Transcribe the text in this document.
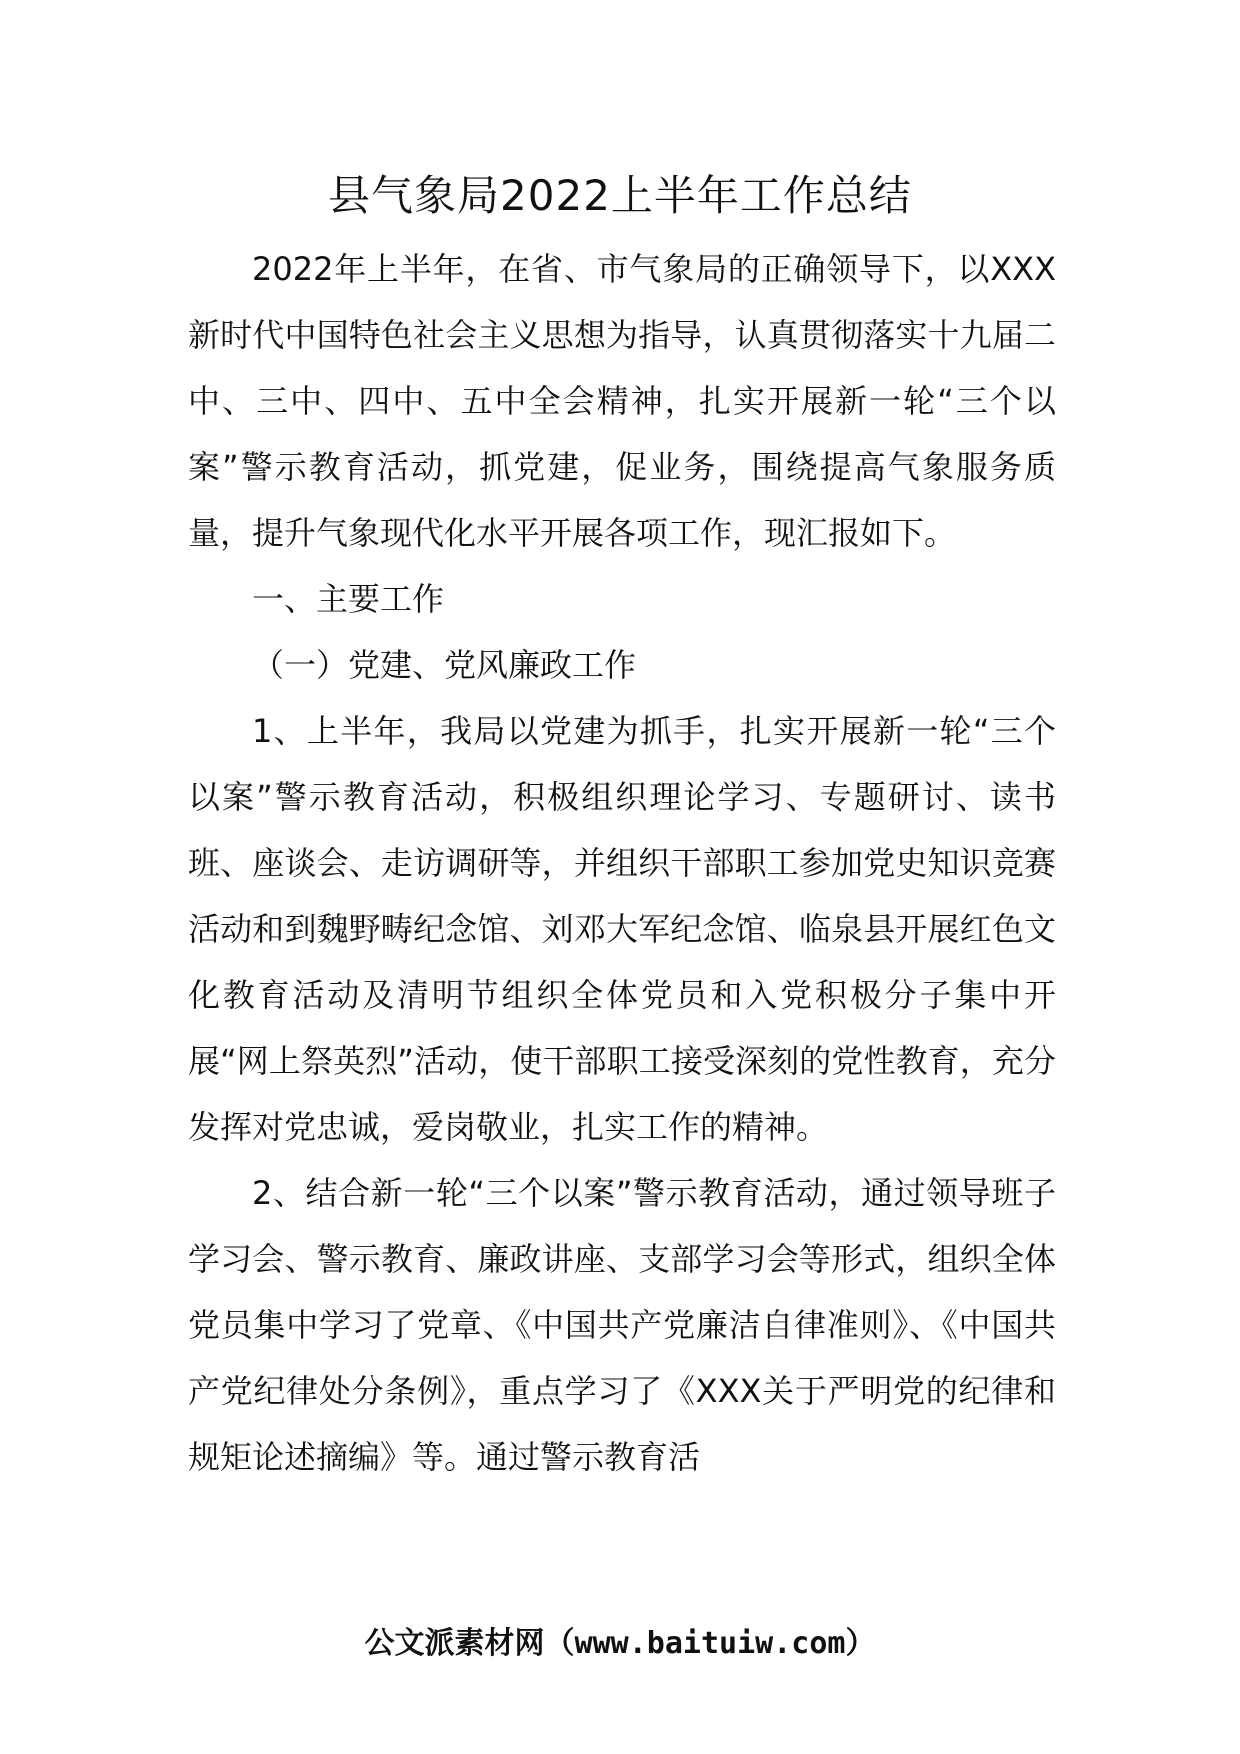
县气象局2022上半年工作总结

2022年上半年，在省、市气象局的正确领导下，以XXX新时代中国特色社会主义思想为指导，认真贯彻落实十九届二中、三中、四中、五中全会精神，扎实开展新一轮“三个以案”警示教育活动，抓党建，促业务，围绕提高气象服务质量，提升气象现代化水平开展各项工作，现汇报如下。

一、主要工作

（一）党建、党风廉政工作

1、上半年，我局以党建为抓手，扎实开展新一轮“三个以案”警示教育活动，积极组织理论学习、专题研讨、读书班、座谈会、走访调研等，并组织干部职工参加党史知识竞赛活动和到魏野畴纪念馆、刘邓大军纪念馆、临泉县开展红色文化教育活动及清明节组织全体党员和入党积极分子集中开展“网上祭英烈”活动，使干部职工接受深刻的党性教育，充分发挥对党忠诚，爱岗敬业，扎实工作的精神。

2、结合新一轮“三个以案”警示教育活动，通过领导班子学习会、警示教育、廉政讲座、支部学习会等形式，组织全体党员集中学习了党章、《中国共产党廉洁自律准则》、《中国共产党纪律处分条例》，重点学习了《XXX关于严明党的纪律和规矩论述摘编》等。通过警示教育活

公文派素材网（www.baituiw.com）
